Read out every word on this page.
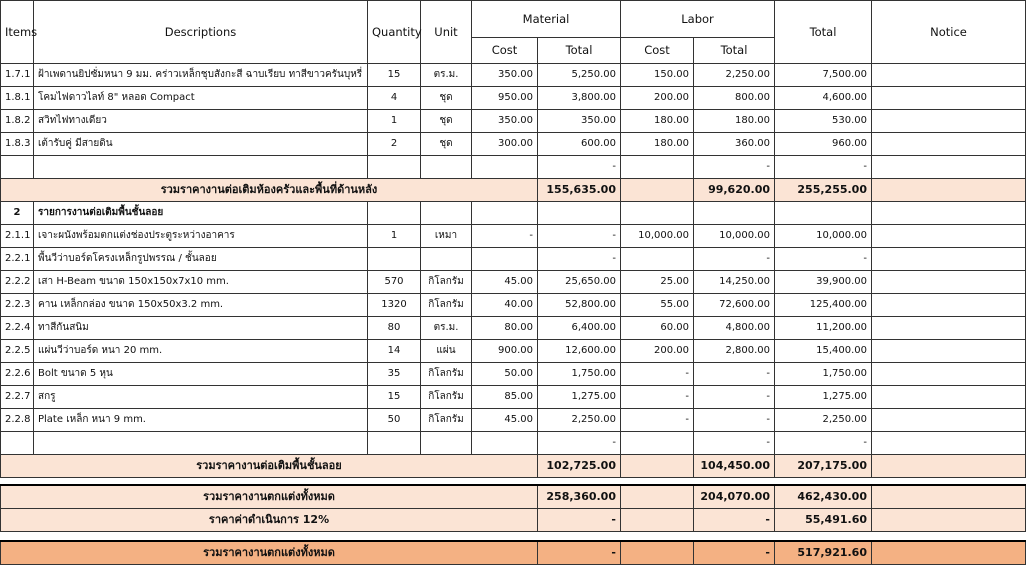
Items	Descriptions	Quantity	Unit	Material		Labor		Total	Notice
				Cost	Total	Cost	Total		
1.7.1	ฝ้าเพดานยิปซั่มหนา 9 มม. คร่าวเหล็กชุบสังกะสี ฉาบเรียบ ทาสีขาวครันบุหรี่	15	ตร.ม.	350.00	5,250.00	150.00	2,250.00	7,500.00	
1.8.1	โคมไฟดาวไลท์ 8" หลอด Compact	4	ชุด	950.00	3,800.00	200.00	800.00	4,600.00	
1.8.2	สวิทไฟทางเดียว	1	ชุด	350.00	350.00	180.00	180.00	530.00	
1.8.3	เต้ารับคู่ มีสายดิน	2	ชุด	300.00	600.00	180.00	360.00	960.00	
					-		-	-	
รวมราคางานต่อเติมห้องครัวและพื้นที่ด้านหลัง					155,635.00		99,620.00	255,255.00	
2	รายการงานต่อเติมพื้นชั้นลอย								
2.1.1	เจาะผนังพร้อมตกแต่งช่องประตูระหว่างอาคาร	1	เหมา	-	-	10,000.00	10,000.00	10,000.00	
2.2.1	พื้นวีว่าบอร์ดโครงเหล็กรูปพรรณ / ชั้นลอย				-		-	-	
2.2.2	เสา H-Beam ขนาด 150x150x7x10 mm.	570	กิโลกรัม	45.00	25,650.00	25.00	14,250.00	39,900.00	
2.2.3	คาน เหล็กกล่อง ขนาด 150x50x3.2 mm.	1320	กิโลกรัม	40.00	52,800.00	55.00	72,600.00	125,400.00	
2.2.4	ทาสีกันสนิม	80	ตร.ม.	80.00	6,400.00	60.00	4,800.00	11,200.00	
2.2.5	แผ่นวีว่าบอร์ด หนา 20 mm.	14	แผ่น	900.00	12,600.00	200.00	2,800.00	15,400.00	
2.2.6	Bolt ขนาด 5 หุน	35	กิโลกรัม	50.00	1,750.00	-	-	1,750.00	
2.2.7	สกรู	15	กิโลกรัม	85.00	1,275.00	-	-	1,275.00	
2.2.8	Plate เหล็ก หนา 9 mm.	50	กิโลกรัม	45.00	2,250.00	-	-	2,250.00	
					-		-	-	
รวมราคางานต่อเติมพื้นชั้นลอย					102,725.00		104,450.00	207,175.00	

รวมราคางานตกแต่งทั้งหมด					258,360.00		204,070.00	462,430.00	
ราคาค่าดำเนินการ 12%					-		-	55,491.60	

รวมราคางานตกแต่งทั้งหมด					-		-	517,921.60	
